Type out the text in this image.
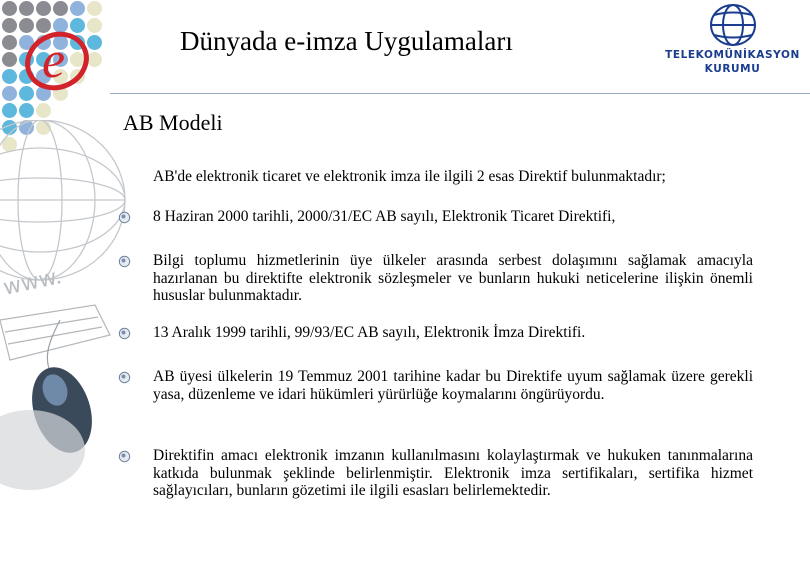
e
www.
Dünyada e-imza Uygulamaları	TELEKOMÜNİKASYON
KURUMU
AB Modeli
AB'de elektronik ticaret ve elektronik imza ile ilgili 2 esas Direktif bulunmaktadır;
8 Haziran 2000 tarihli, 2000/31/EC AB sayılı, Elektronik Ticaret Direktifi,
Bilgi toplumu hizmetlerinin üye ülkeler arasında serbest dolaşımını sağlamak amacıyla hazırlanan bu direktifte elektronik sözleşmeler ve bunların hukuki neticelerine ilişkin önemli hususlar bulunmaktadır.
13 Aralık 1999 tarihli, 99/93/EC AB sayılı, Elektronik İmza Direktifi.
AB üyesi ülkelerin 19 Temmuz 2001 tarihine kadar bu Direktife uyum sağlamak üzere gerekli yasa, düzenleme ve idari hükümleri yürürlüğe koymalarını öngürüyordu.
Direktifin amacı elektronik imzanın kullanılmasını kolaylaştırmak ve hukuken tanınmalarına katkıda bulunmak şeklinde belirlenmiştir. Elektronik imza sertifikaları, sertifika hizmet sağlayıcıları, bunların gözetimi ile ilgili esasları belirlemektedir.
